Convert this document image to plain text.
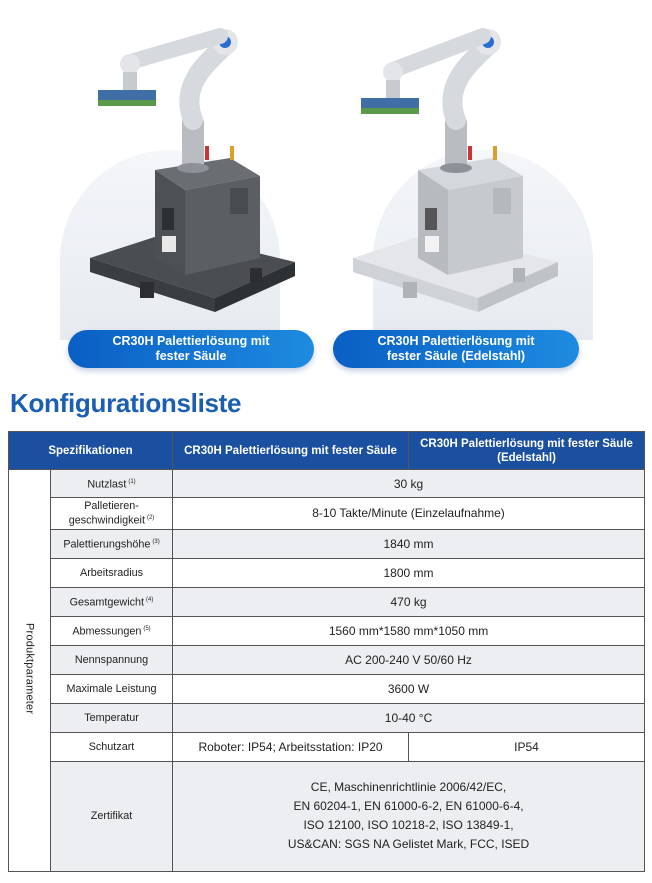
CR30H Palettierlösung mit
fester Säule
CR30H Palettierlösung mit
fester Säule (Edelstahl)
Konfigurationsliste
Spezifikationen		CR30H Palettierlösung mit fester Säule	CR30H Palettierlösung mit fester Säule (Edelstahl)
Produktparameter	Nutzlast $^{(1)}$	30 kg	
	Palletieren-
geschwindigkeit $^{(2)}$	8-10 Takte/Minute (Einzelaufnahme)	
	Palettierungshöhe $^{(3)}$	1840 mm	
	Arbeitsradius	1800 mm	
	Gesamtgewicht $^{(4)}$	470 kg	
	Abmessungen $^{(5)}$	1560 mm*1580 mm*1050 mm	
	Nennspannung	AC 200-240 V 50/60 Hz	
	Maximale Leistung	3600 W	
	Temperatur	10-40 °C	
	Schutzart	Roboter: IP54; Arbeitsstation: IP20	IP54
	Zertifikat	CE, Maschinenrichtlinie 2006/42/EC,
EN 60204-1, EN 61000-6-2, EN 61000-6-4,
ISO 12100, ISO 10218-2, ISO 13849-1,
US&CAN: SGS NA Gelistet Mark, FCC, ISED	
